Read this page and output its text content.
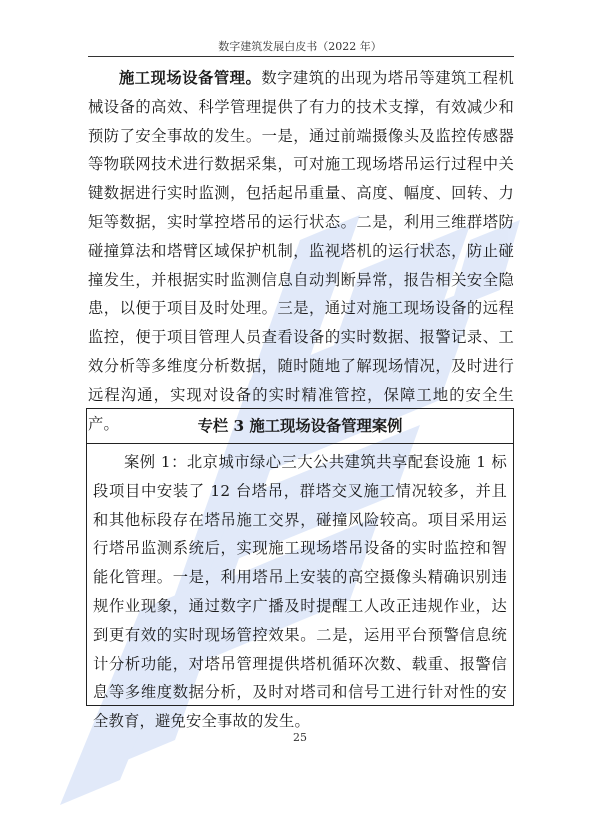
数字建筑发展白皮书（2022 年）

施工现场设备管理。数字建筑的出现为塔吊等建筑工程机械设备的高效、科学管理提供了有力的技术支撑，有效减少和预防了安全事故的发生。一是，通过前端摄像头及监控传感器等物联网技术进行数据采集，可对施工现场塔吊运行过程中关键数据进行实时监测，包括起吊重量、高度、幅度、回转、力矩等数据，实时掌控塔吊的运行状态。二是，利用三维群塔防碰撞算法和塔臂区域保护机制，监视塔机的运行状态，防止碰撞发生，并根据实时监测信息自动判断异常，报告相关安全隐患，以便于项目及时处理。三是，通过对施工现场设备的远程监控，便于项目管理人员查看设备的实时数据、报警记录、工效分析等多维度分析数据，随时随地了解现场情况，及时进行远程沟通，实现对设备的实时精准管控，保障工地的安全生产。	专栏 3 施工现场设备管理案例

案例 1：北京城市绿心三大公共建筑共享配套设施 1 标段项目中安装了 12 台塔吊，群塔交叉施工情况较多，并且和其他标段存在塔吊施工交界，碰撞风险较高。项目采用运行塔吊监测系统后，实现施工现场塔吊设备的实时监控和智能化管理。一是，利用塔吊上安装的高空摄像头精确识别违规作业现象，通过数字广播及时提醒工人改正违规作业，达到更有效的实时现场管控效果。二是，运用平台预警信息统计分析功能，对塔吊管理提供塔机循环次数、载重、报警信息等多维度数据分析，及时对塔司和信号工进行针对性的安全教育，避免安全事故的发生。

25
